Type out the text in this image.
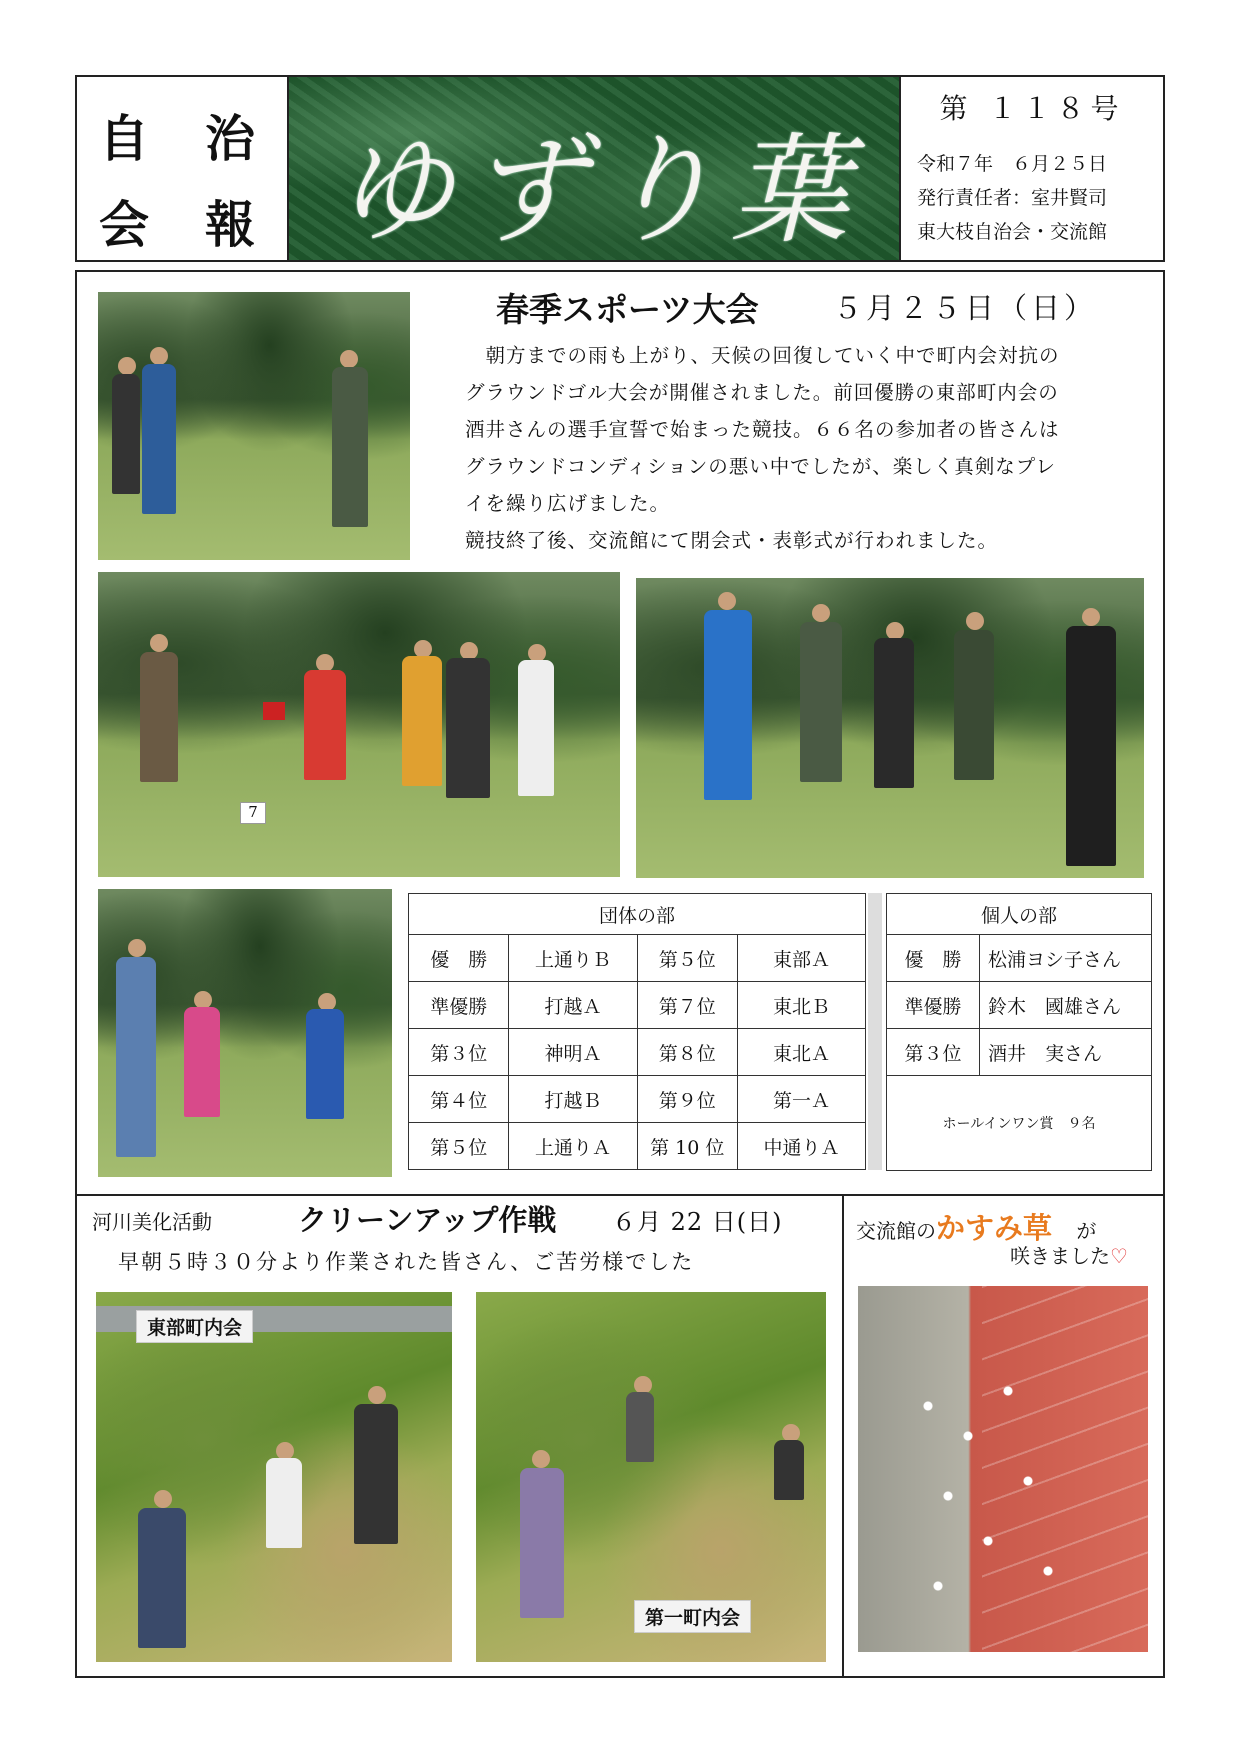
自 治
会 報 ゆずり葉
第 １１８号
令和７年　６月２５日
発行責任者：室井賢司
東大枝自治会・交流館
春季スポーツ大会	５月２５日（日）
　朝方までの雨も上がり、天候の回復していく中で町内会対抗の
グラウンドゴル大会が開催されました。前回優勝の東部町内会の
酒井さんの選手宣誓で始まった競技。６６名の参加者の皆さんは
グラウンドコンディションの悪い中でしたが、楽しく真剣なプレ
イを繰り広げました。
競技終了後、交流館にて閉会式・表彰式が行われました。
7
団体の部			
優　勝	上通りＢ	第５位	東部Ａ
準優勝	打越Ａ	第７位	東北Ｂ
第３位	神明Ａ	第８位	東北Ａ
第４位	打越Ｂ	第９位	第一Ａ
第５位	上通りＡ	第 10 位	中通りＡ
個人の部	
優　勝	松浦ヨシ子さん
準優勝	鈴木　國雄さん
第３位	酒井　実さん
ホールインワン賞　９名	
河川美化活動	クリーンアップ作戦 ６月 22 日(日)
早朝５時３０分より作業された皆さん、ご苦労様でした
東部町内会
第一町内会
交流館のかすみ草 が
咲きました♡
